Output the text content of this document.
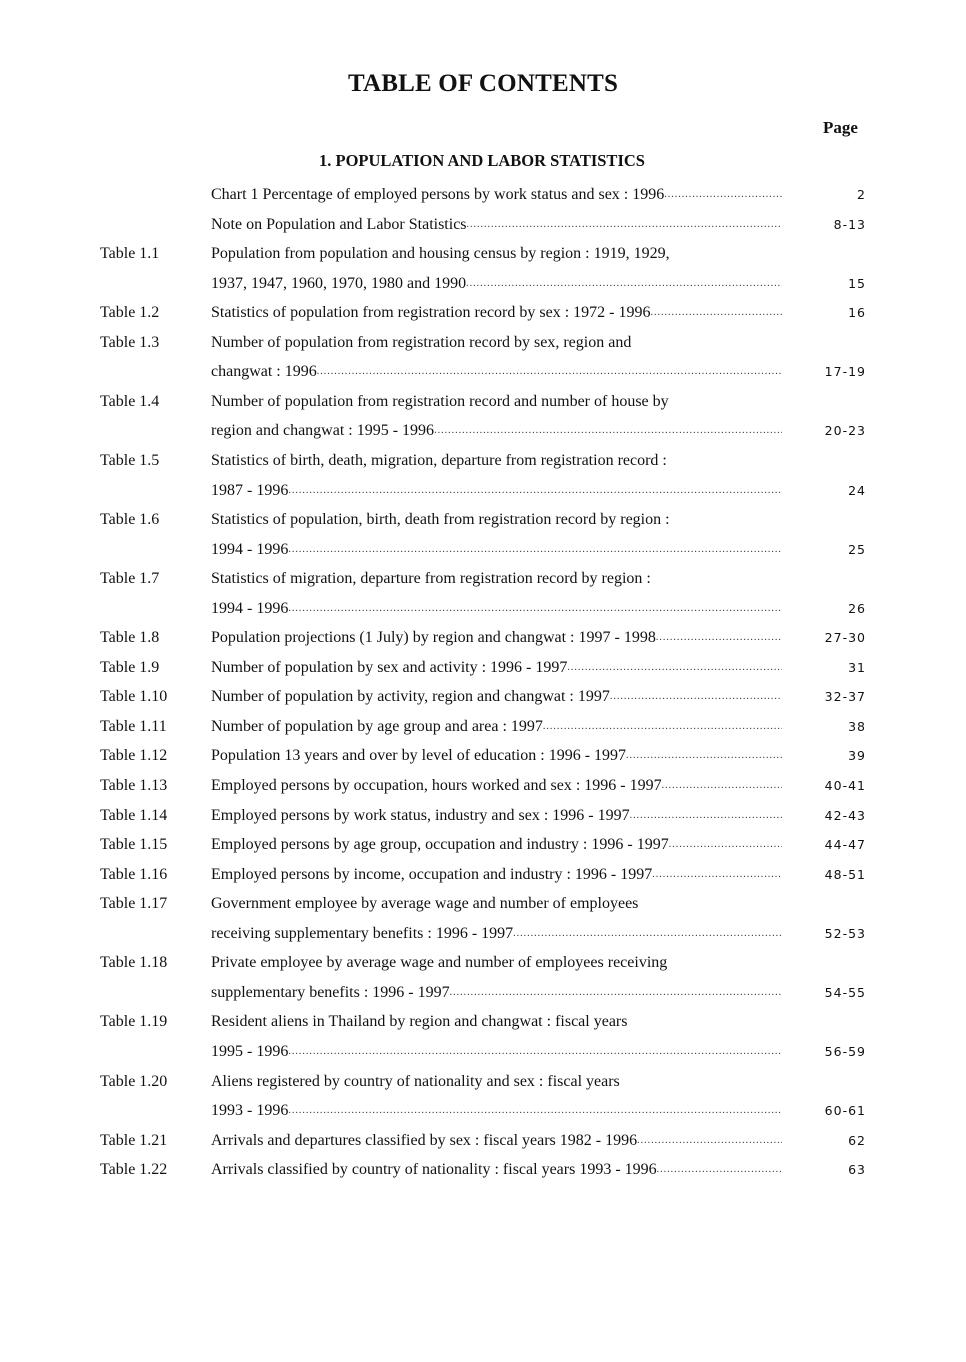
TABLE OF CONTENTS
Page
1. POPULATION AND LABOR STATISTICS
Chart 1 Percentage of employed persons by work status and sex : 1996 .....	2
Note on Population and Labor Statistics .....	8-13
Table 1.1	Population from population and housing census by region : 1919, 1929,
1937, 1947, 1960, 1970, 1980 and 1990 .....	15
Table 1.2	Statistics of population from registration record by sex : 1972 - 1996 .....	16
Table 1.3	Number of population from registration record by sex, region and
changwat : 1996 .....	17-19
Table 1.4	Number of population from registration record and number of house by
region and changwat : 1995 - 1996 .....	20-23
Table 1.5	Statistics of birth, death, migration, departure from registration record :
1987 - 1996 .....	24
Table 1.6	Statistics of population, birth, death from registration record by region :
1994 - 1996 .....	25
Table 1.7	Statistics of migration, departure from registration record by region :
1994 - 1996 .....	26
Table 1.8	Population projections (1 July) by region and changwat : 1997 - 1998 .....	27-30
Table 1.9	Number of population by sex and activity : 1996 - 1997 .....	31
Table 1.10	Number of population by activity, region and changwat : 1997 .....	32-37
Table 1.11	Number of population by age group and area : 1997 .....	38
Table 1.12	Population 13 years and over by level of education : 1996 - 1997 .....	39
Table 1.13	Employed persons by occupation, hours worked and sex : 1996 - 1997 .....	40-41
Table 1.14	Employed persons by work status, industry and sex : 1996 - 1997 .....	42-43
Table 1.15	Employed persons by age group, occupation and industry : 1996 - 1997 .....	44-47
Table 1.16	Employed persons by income, occupation and industry : 1996 - 1997 .....	48-51
Table 1.17	Government employee by average wage and number of employees
receiving supplementary benefits : 1996 - 1997 .....	52-53
Table 1.18	Private employee by average wage and number of employees receiving
supplementary benefits : 1996 - 1997 .....	54-55
Table 1.19	Resident aliens in Thailand by region and changwat : fiscal years
1995 - 1996 .....	56-59
Table 1.20	Aliens registered by country of nationality and sex : fiscal years
1993 - 1996 .....	60-61
Table 1.21	Arrivals and departures classified by sex : fiscal years 1982 - 1996 .....	62
Table 1.22	Arrivals classified by country of nationality : fiscal years 1993 - 1996 .....	63
